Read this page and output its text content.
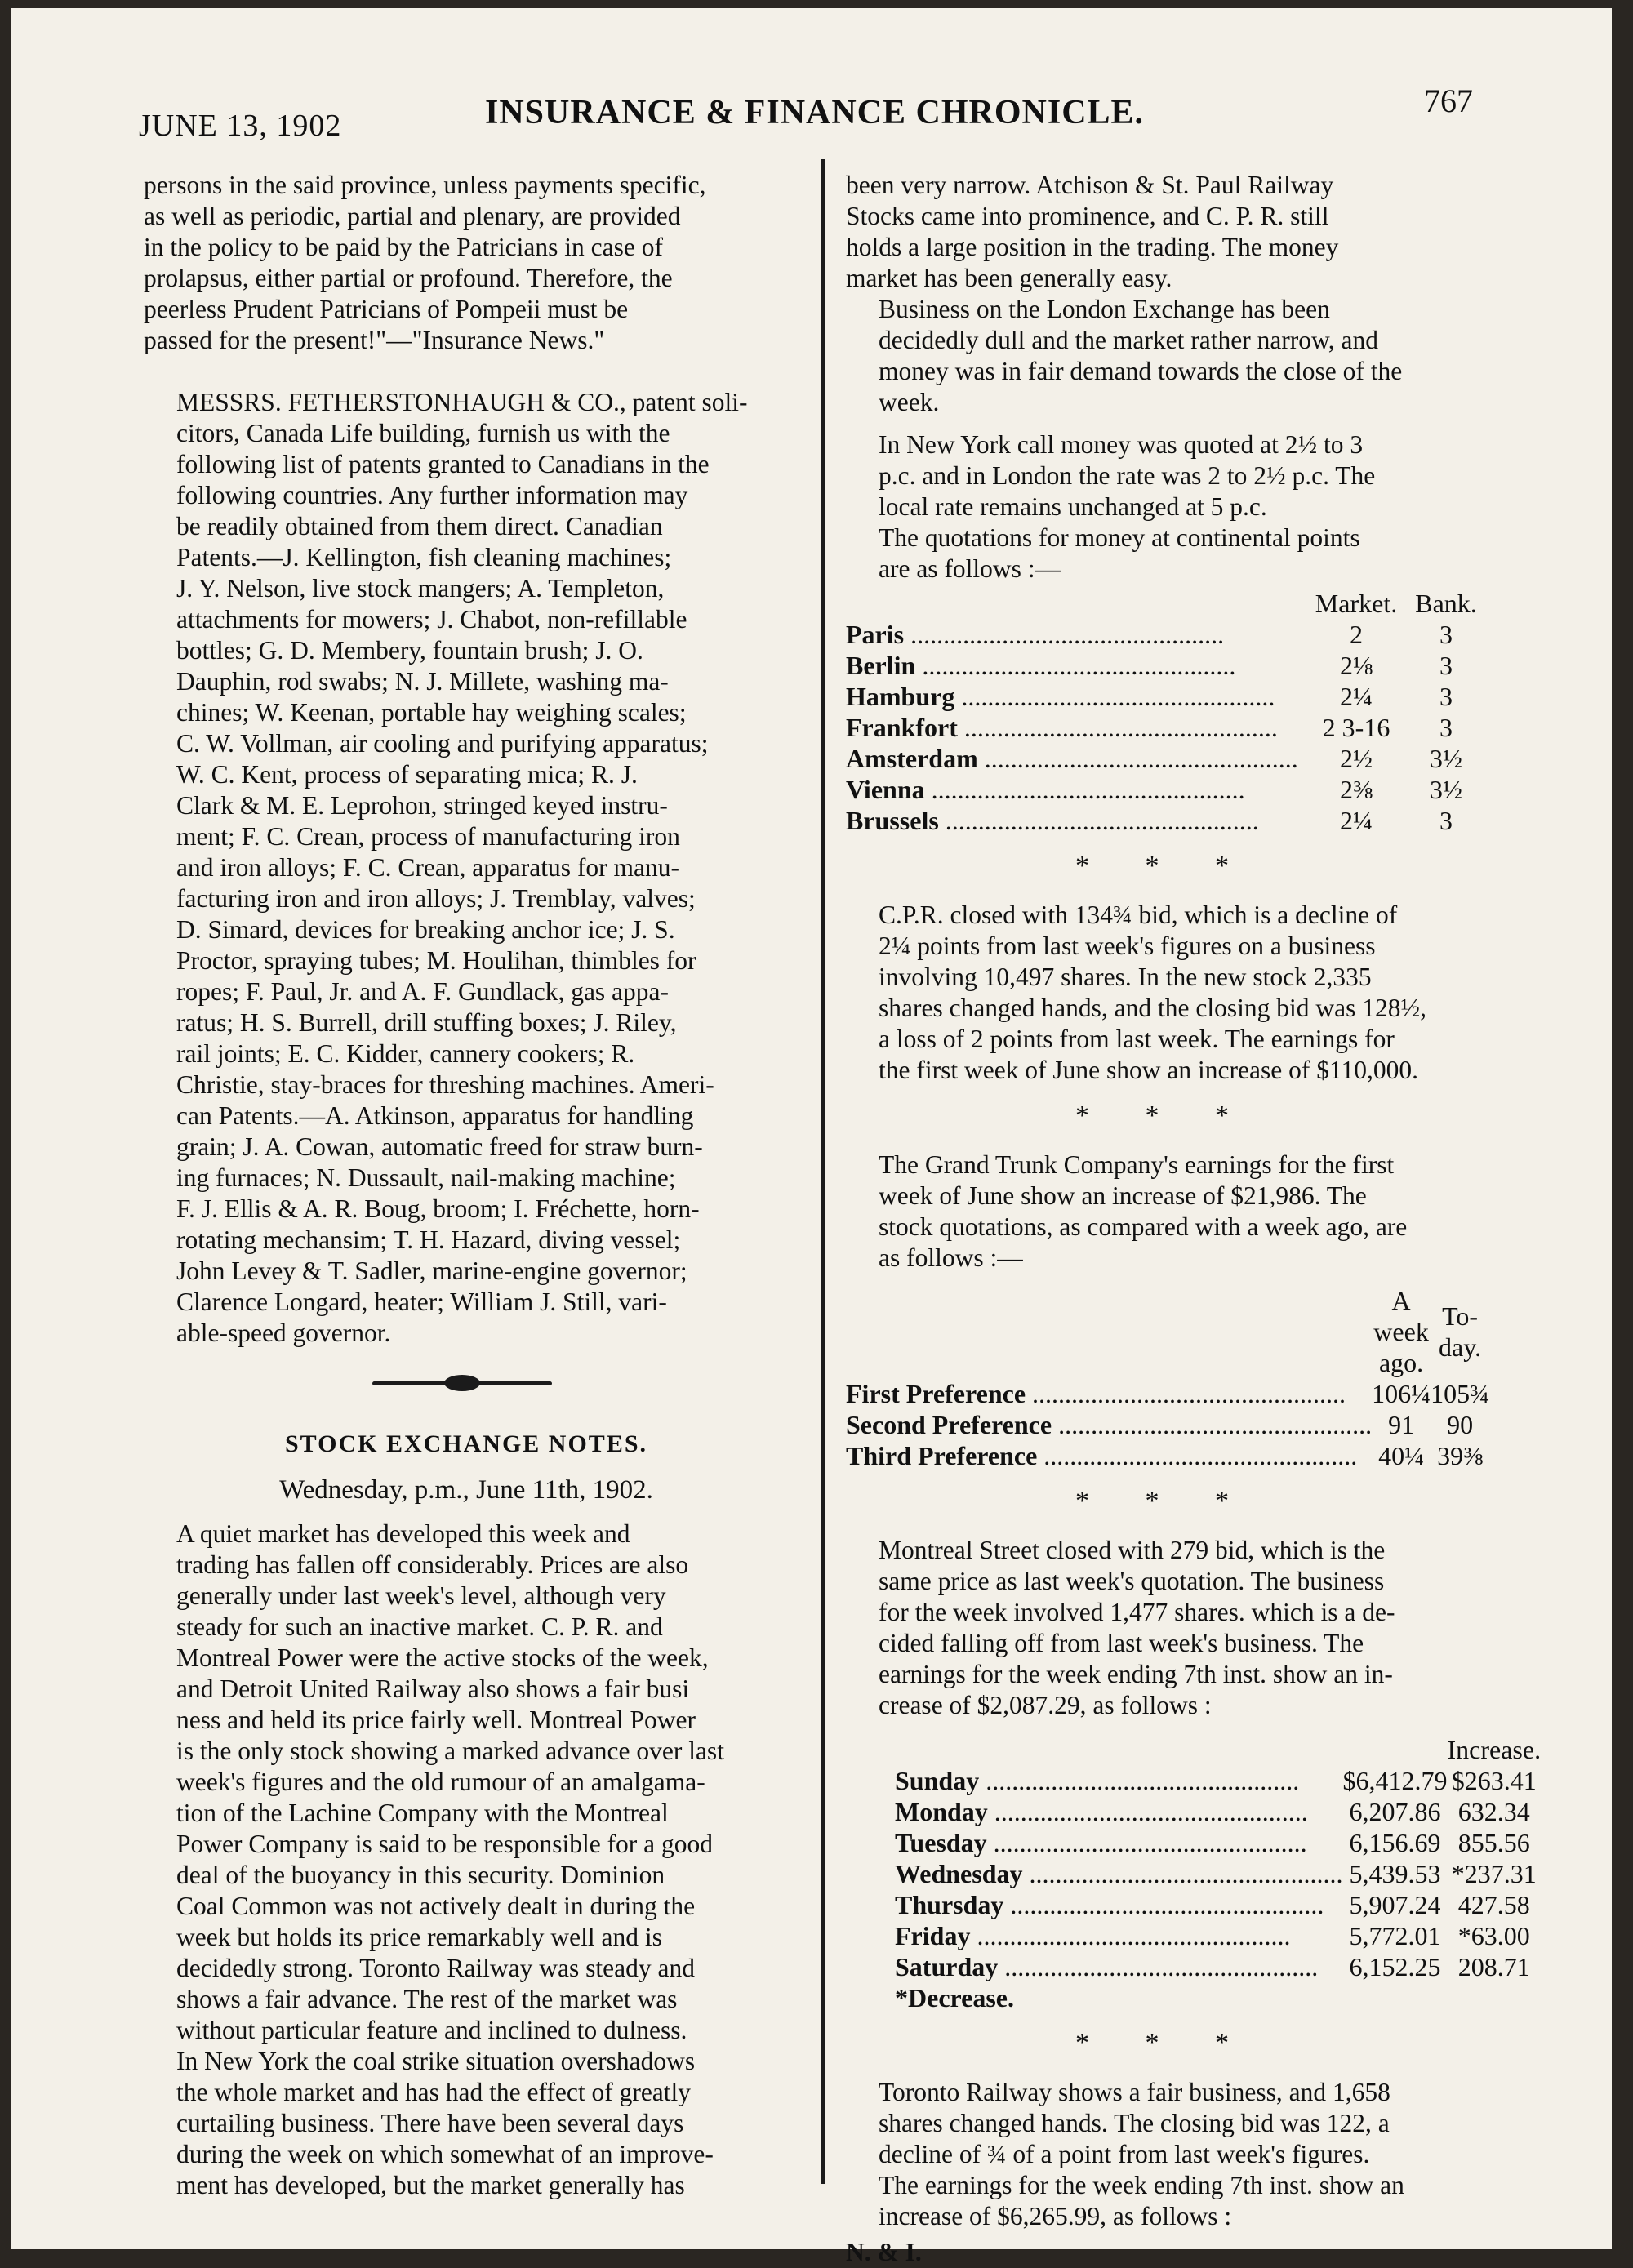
JUNE 13, 1902	INSURANCE & FINANCE CHRONICLE.	767
persons in the said province, unless payments specific,
as well as periodic, partial and plenary, are provided
in the policy to be paid by the Patricians in case of
prolapsus, either partial or profound. Therefore, the
peerless Prudent Patricians of Pompeii must be
passed for the present!"—"Insurance News."
MESSRS. FETHERSTONHAUGH & CO., patent soli-
citors, Canada Life building, furnish us with the
following list of patents granted to Canadians in the
following countries. Any further information may
be readily obtained from them direct. Canadian
Patents.—J. Kellington, fish cleaning machines;
J. Y. Nelson, live stock mangers; A. Templeton,
attachments for mowers; J. Chabot, non-refillable
bottles; G. D. Membery, fountain brush; J. O.
Dauphin, rod swabs; N. J. Millete, washing ma-
chines; W. Keenan, portable hay weighing scales;
C. W. Vollman, air cooling and purifying apparatus;
W. C. Kent, process of separating mica; R. J.
Clark & M. E. Leprohon, stringed keyed instru-
ment; F. C. Crean, process of manufacturing iron
and iron alloys; F. C. Crean, apparatus for manu-
facturing iron and iron alloys; J. Tremblay, valves;
D. Simard, devices for breaking anchor ice; J. S.
Proctor, spraying tubes; M. Houlihan, thimbles for
ropes; F. Paul, Jr. and A. F. Gundlack, gas appa-
ratus; H. S. Burrell, drill stuffing boxes; J. Riley,
rail joints; E. C. Kidder, cannery cookers; R.
Christie, stay-braces for threshing machines. Ameri-
can Patents.—A. Atkinson, apparatus for handling
grain; J. A. Cowan, automatic freed for straw burn-
ing furnaces; N. Dussault, nail-making machine;
F. J. Ellis & A. R. Boug, broom; I. Fréchette, horn-
rotating mechansim; T. H. Hazard, diving vessel;
John Levey & T. Sadler, marine-engine governor;
Clarence Longard, heater; William J. Still, vari-
able-speed governor.
STOCK EXCHANGE NOTES.
Wednesday, p.m., June 11th, 1902.
A quiet market has developed this week and
trading has fallen off considerably. Prices are also
generally under last week's level, although very
steady for such an inactive market. C. P. R. and
Montreal Power were the active stocks of the week,
and Detroit United Railway also shows a fair busi
ness and held its price fairly well. Montreal Power
is the only stock showing a marked advance over last
week's figures and the old rumour of an amalgama-
tion of the Lachine Company with the Montreal
Power Company is said to be responsible for a good
deal of the buoyancy in this security. Dominion
Coal Common was not actively dealt in during the
week but holds its price remarkably well and is
decidedly strong. Toronto Railway was steady and
shows a fair advance. The rest of the market was
without particular feature and inclined to dulness.
In New York the coal strike situation overshadows
the whole market and has had the effect of greatly
curtailing business. There have been several days
during the week on which somewhat of an improve-
ment has developed, but the market generally has
been very narrow. Atchison & St. Paul Railway
Stocks came into prominence, and C. P. R. still
holds a large position in the trading. The money
market has been generally easy.
Business on the London Exchange has been
decidedly dull and the market rather narrow, and
money was in fair demand towards the close of the
week.
In New York call money was quoted at 2½ to 3
p.c. and in London the rate was 2 to 2½ p.c. The
local rate remains unchanged at 5 p.c.
The quotations for money at continental points
are as follows :—
	Market.	Bank.
Paris .....	2	3
Berlin .....	2⅛	3
Hamburg .....	2¼	3
Frankfort .....	2 3-16	3
Amsterdam .....	2½	3½
Vienna .....	2⅜	3½
Brussels .....	2¼	3
* * *
C.P.R. closed with 134¾ bid, which is a decline of
2¼ points from last week's figures on a business
involving 10,497 shares. In the new stock 2,335
shares changed hands, and the closing bid was 128½,
a loss of 2 points from last week. The earnings for
the first week of June show an increase of $110,000.
* * *
The Grand Trunk Company's earnings for the first
week of June show an increase of $21,986. The
stock quotations, as compared with a week ago, are
as follows :—
	A week ago.	To-day.
First Preference .....	106¼	105¾
Second Preference .....	91	90
Third Preference .....	40¼	39⅜
* * *
Montreal Street closed with 279 bid, which is the
same price as last week's quotation. The business
for the week involved 1,477 shares. which is a de-
cided falling off from last week's business. The
earnings for the week ending 7th inst. show an in-
crease of $2,087.29, as follows :
		Increase.
Sunday .....	$6,412.79	$263.41
Monday .....	6,207.86	632.34
Tuesday .....	6,156.69	855.56
Wednesday .....	5,439.53	*237.31
Thursday .....	5,907.24	427.58
Friday .....	5,772.01	*63.00
Saturday .....	6,152.25	208.71
*Decrease.		
* * *
Toronto Railway shows a fair business, and 1,658
shares changed hands. The closing bid was 122, a
decline of ¾ of a point from last week's figures.
The earnings for the week ending 7th inst. show an
increase of $6,265.99, as follows :
N. & I.
